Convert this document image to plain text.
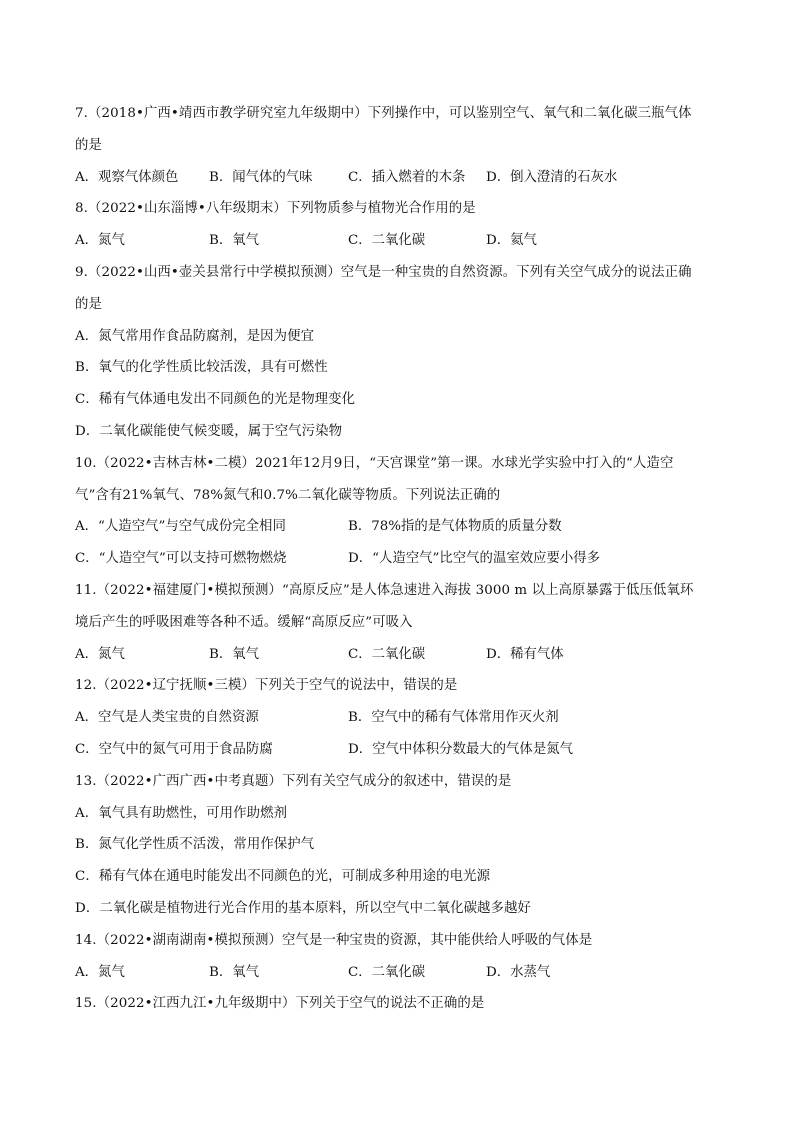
7.（2018•广西•靖西市教学研究室九年级期中）下列操作中，可以鉴别空气、氧气和二氧化碳三瓶气体
的是
A．观察气体颜色 B．闻气体的气味	C．插入燃着的木条 D．倒入澄清的石灰水
8.（2022•山东淄博•八年级期末）下列物质参与植物光合作用的是
A．氮气	B．氧气	C．二氧化碳	D．氦气
9.（2022•山西•壶关县常行中学模拟预测）空气是一种宝贵的自然资源。下列有关空气成分的说法正确
的是
A．氮气常用作食品防腐剂，是因为便宜
B．氧气的化学性质比较活泼，具有可燃性
C．稀有气体通电发出不同颜色的光是物理变化
D．二氧化碳能使气候变暖，属于空气污染物
10.（2022•吉林吉林•二模）2021年12月9日，“天宫课堂”第一课。水球光学实验中打入的“人造空
气”含有21%氧气、78%氮气和0.7%二氧化碳等物质。下列说法正确的
A．“人造空气”与空气成份完全相同	B．78%指的是气体物质的质量分数
C．“人造空气”可以支持可燃物燃烧	D．“人造空气”比空气的温室效应要小得多
11.（2022•福建厦门•模拟预测）“高原反应”是人体急速进入海拔 3000 m 以上高原暴露于低压低氧环
境后产生的呼吸困难等各种不适。缓解“高原反应”可吸入
A．氮气	B．氧气	C．二氧化碳	D．稀有气体
12.（2022•辽宁抚顺•三模）下列关于空气的说法中，错误的是
A．空气是人类宝贵的自然资源	B．空气中的稀有气体常用作灭火剂
C．空气中的氮气可用于食品防腐	D．空气中体积分数最大的气体是氮气
13.（2022•广西广西•中考真题）下列有关空气成分的叙述中，错误的是
A．氧气具有助燃性，可用作助燃剂
B．氮气化学性质不活泼，常用作保护气
C．稀有气体在通电时能发出不同颜色的光，可制成多种用途的电光源
D．二氧化碳是植物进行光合作用的基本原料，所以空气中二氧化碳越多越好
14.（2022•湖南湖南•模拟预测）空气是一种宝贵的资源，其中能供给人呼吸的气体是
A．氮气	B．氧气	C．二氧化碳	D．水蒸气
15.（2022•江西九江•九年级期中）下列关于空气的说法不正确的是
